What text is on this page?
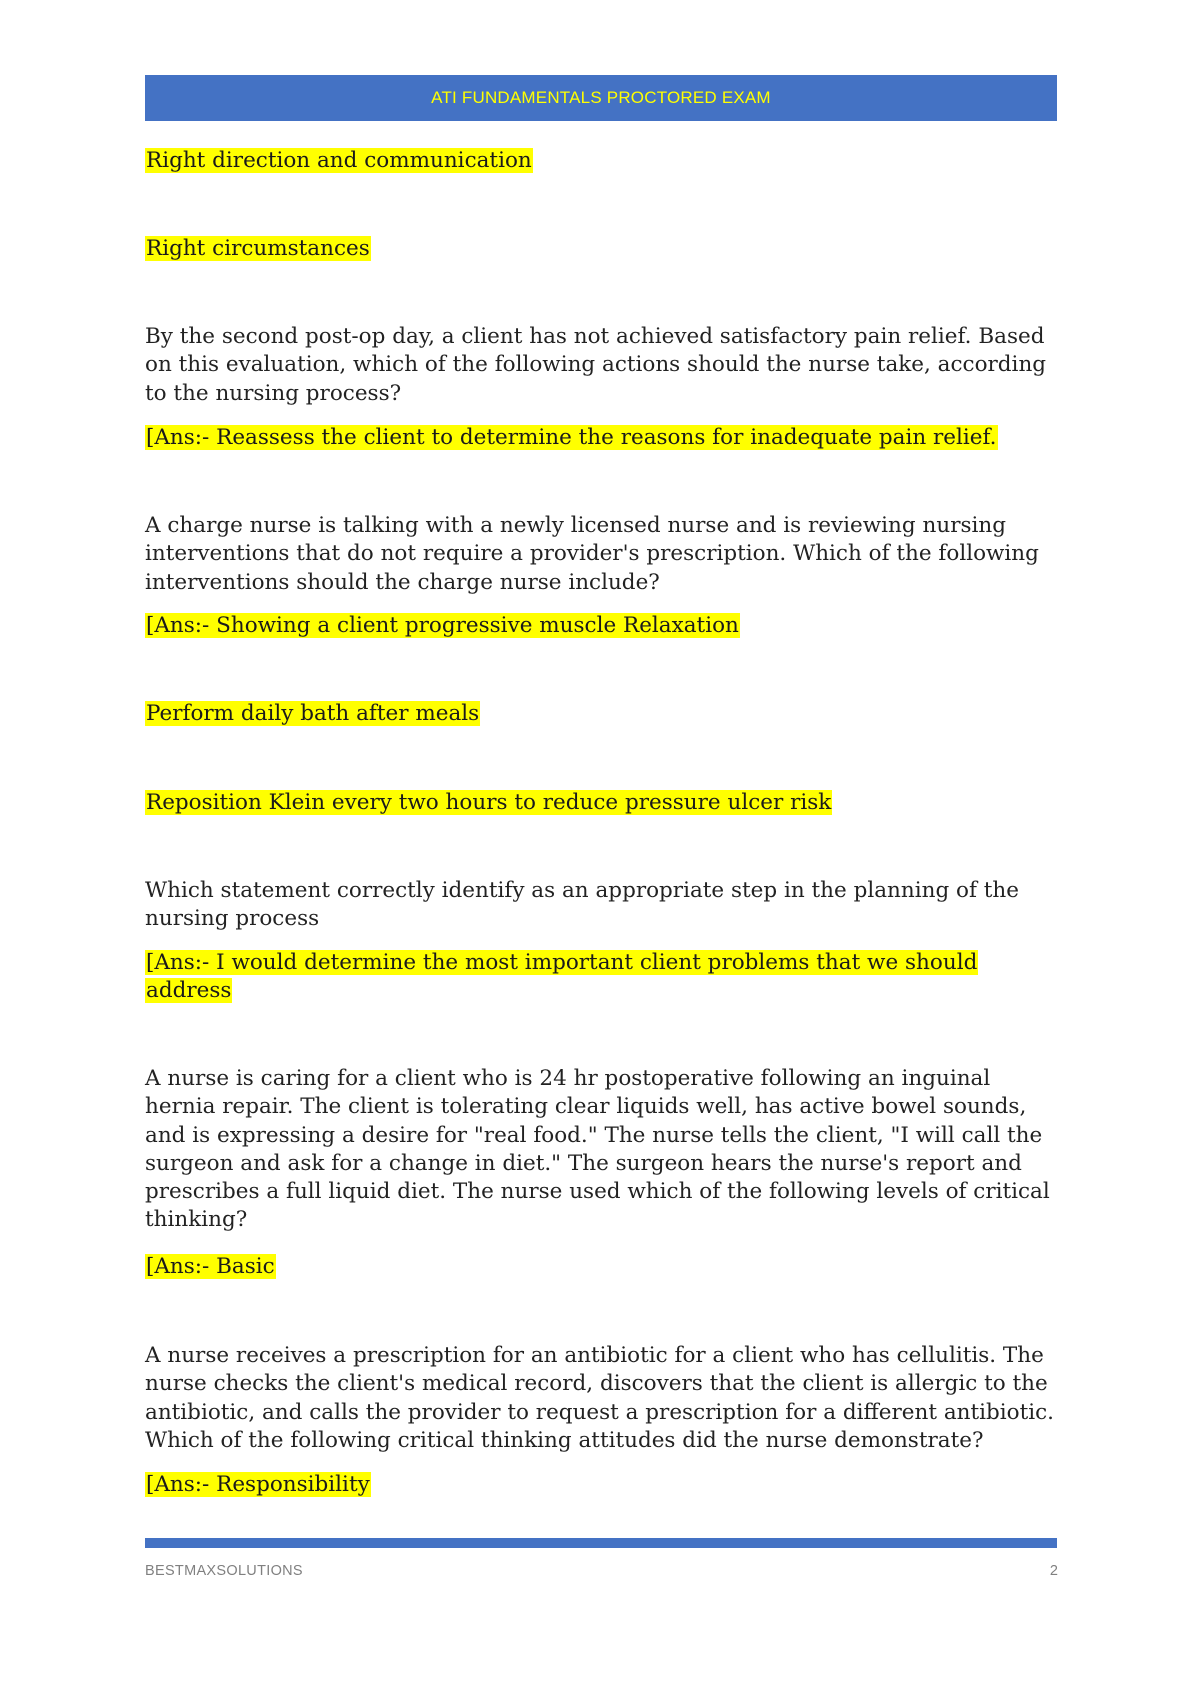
ATI FUNDAMENTALS PROCTORED EXAM
Right direction and communication
Right circumstances
By the second post-op day, a client has not achieved satisfactory pain relief. Based on this evaluation, which of the following actions should the nurse take, according to the nursing process?
[Ans:- Reassess the client to determine the reasons for inadequate pain relief.
A charge nurse is talking with a newly licensed nurse and is reviewing nursing interventions that do not require a provider's prescription. Which of the following interventions should the charge nurse include?
[Ans:- Showing a client progressive muscle Relaxation
Perform daily bath after meals
Reposition Klein every two hours to reduce pressure ulcer risk
Which statement correctly identify as an appropriate step in the planning of the nursing process
[Ans:- I would determine the most important client problems that we should address
A nurse is caring for a client who is 24 hr postoperative following an inguinal hernia repair. The client is tolerating clear liquids well, has active bowel sounds, and is expressing a desire for "real food." The nurse tells the client, "I will call the surgeon and ask for a change in diet." The surgeon hears the nurse's report and prescribes a full liquid diet. The nurse used which of the following levels of critical thinking?
[Ans:- Basic
A nurse receives a prescription for an antibiotic for a client who has cellulitis. The nurse checks the client's medical record, discovers that the client is allergic to the antibiotic, and calls the provider to request a prescription for a different antibiotic. Which of the following critical thinking attitudes did the nurse demonstrate?
[Ans:- Responsibility
BESTMAXSOLUTIONS	2
